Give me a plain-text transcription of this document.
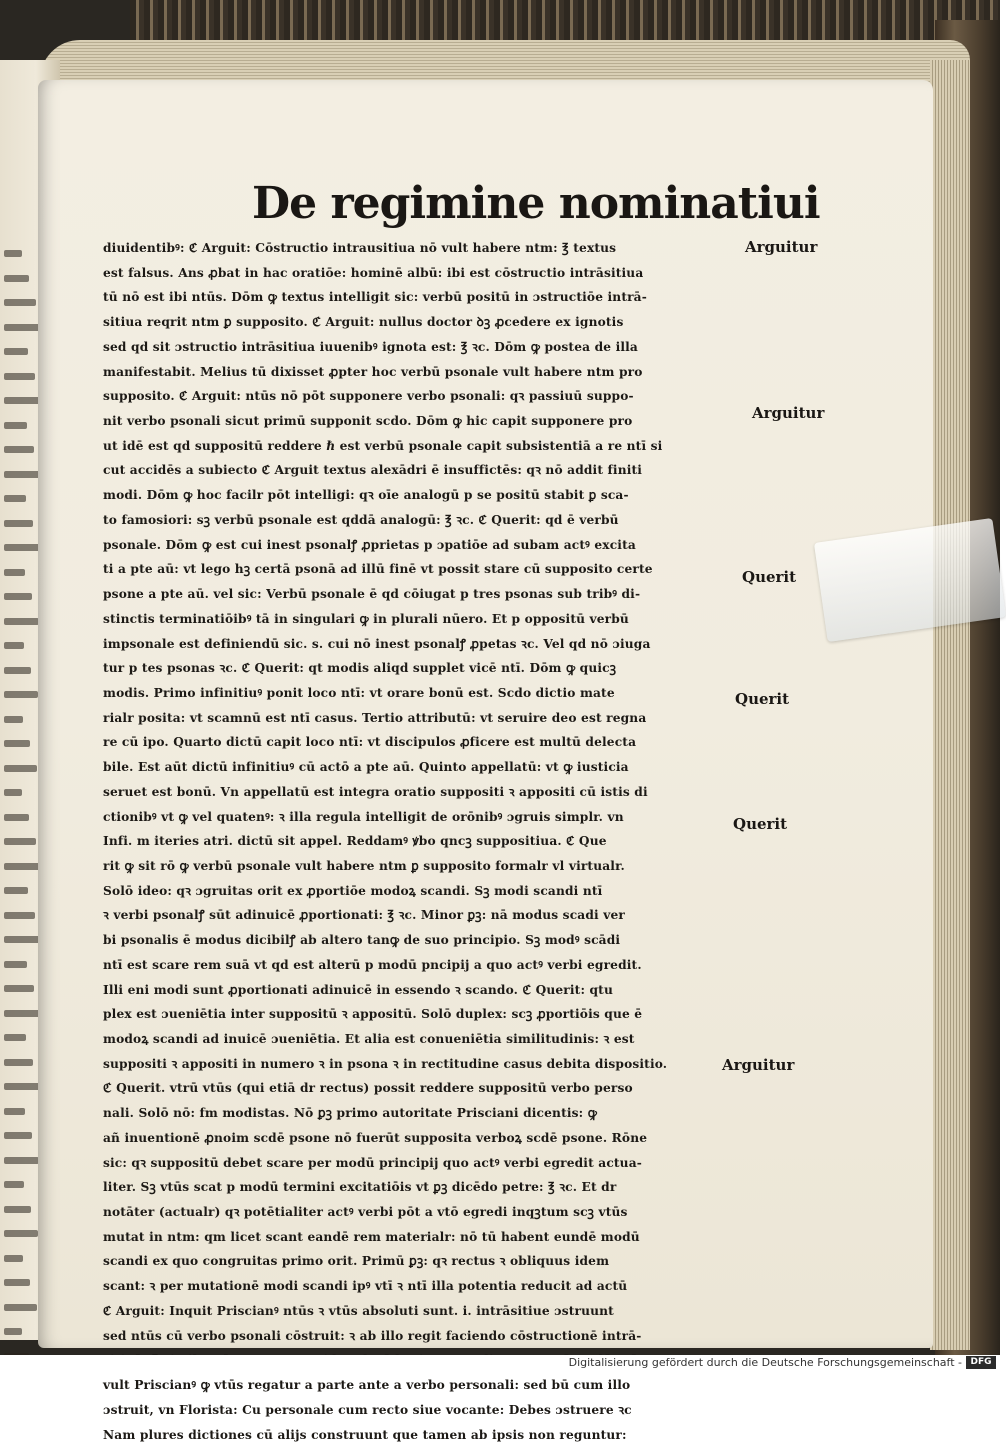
De regimine nominatiui
diuidentibꝰ: ℭ Arguit: Cōstructio intrausitiua nō vult habere ntm: ℥ textus
est falsus. Ans ꝓbat in hac oratiōe: hominē albū: ibi est cōstructio intrāsitiua
tū nō est ibi ntūs. Dōm ꝙ textus intelligit sic: verbū positū in ɔstructiōe intrā-
sitiua reqrit ntm ꝑ supposito. ℭ Arguit: nullus doctor ꝺꝫ ꝓcedere ex ignotis
sed qd sit ɔstructio intrāsitiua iuuenibꝰ ignota est: ℥ ꝛc. Dōm ꝙ postea de illa
manifestabit. Melius tū dixisset ꝓpter hoc verbū psonale vult habere ntm pro
supposito. ℭ Arguit: ntūs nō pōt supponere verbo psonali: qꝛ passiuū suppo-
nit verbo psonali sicut primū supponit scdo. Dōm ꝙ hic capit supponere pro
ut idē est qd suppositū reddere ℏ est verbū psonale capit subsistentiā a re ntī si
cut accidēs a subiecto ℭ Arguit textus alexādri ē insuffictēs: qꝛ nō addit finiti
modi. Dōm ꝙ hoc facilr pōt intelligi: qꝛ oīe analogū p se positū stabit ꝑ sca-
to famosiori: sꝫ verbū psonale est qddā analogū: ℥ ꝛc. ℭ Querit: qd ē verbū
psonale. Dōm ꝙ est cui inest psonalꝭ ꝓprietas p ɔpatiōe ad subam actꝰ excita
ti a pte aū: vt lego hꝫ certā psonā ad illū finē vt possit stare cū supposito certe
psone a pte aū. vel sic: Verbū psonale ē qd cōiugat p tres psonas sub tribꝰ di-
stinctis terminatiōibꝰ tā in singulari ꝙ in plurali nūero. Et p oppositū verbū
impsonale est definiendū sic. s. cui nō inest psonalꝭ ꝓpetas ꝛc. Vel qd nō ɔiuga
tur p tes psonas ꝛc. ℭ Querit: qt modis aliqd supplet vicē ntī. Dōm ꝙ quicꝫ
modis. Primo infinitiuꝰ ponit loco ntī: vt orare bonū est. Scdo dictio mate
rialr posita: vt scamnū est ntī casus. Tertio attributū: vt seruire deo est regna
re cū ipo. Quarto dictū capit loco ntī: vt discipulos ꝓficere est multū delecta
bile. Est aūt dictū infinitiuꝰ cū actō a pte aū. Quinto appellatū: vt ꝙ iusticia
seruet est bonū. Vn appellatū est integra oratio suppositi ꝛ appositi cū istis di
ctionibꝰ vt ꝙ vel quatenꝰ: ꝛ illa regula intelligit de orōnibꝰ ɔgruis simplr. vn
Infi. m iteries atri. dictū sit appel. Reddamꝰ ꝟbo qncꝫ suppositiua. ℭ Que
rit ꝙ sit rō ꝙ verbū psonale vult habere ntm ꝑ supposito formalr vl virtualr.
Solō ideo: qꝛ ɔgruitas orit ex ꝓportiōe modoꝝ scandi. Sꝫ modi scandi ntī
ꝛ verbi psonalꝭ sūt adinuicē ꝓportionati: ℥ ꝛc. Minor ꝑꝫ: nā modus scadi ver
bi psonalis ē modus dicibilꝭ ab altero tanꝙ de suo principio. Sꝫ modꝰ scādi
ntī est scare rem suā vt qd est alterū p modū pncipij a quo actꝰ verbi egredit.
Illi eni modi sunt ꝓportionati adinuicē in essendo ꝛ scando. ℭ Querit: qtu
plex est ɔueniētia inter suppositū ꝛ appositū. Solō duplex: scꝫ ꝓportiōis que ē
modoꝝ scandi ad inuicē ɔueniētia. Et alia est conueniētia similitudinis: ꝛ est
suppositi ꝛ appositi in numero ꝛ in psona ꝛ in rectitudine casus debita dispositio.
ℭ Querit. vtrū vtūs (qui etiā dr rectus) possit reddere suppositū verbo perso
nali. Solō nō: fm modistas. Nō ꝑꝫ primo autoritate Prisciani dicentis: ꝙ
añ inuentionē ꝓnoim scdē psone nō fuerūt supposita verboꝝ scdē psone. Rōne
sic: qꝛ suppositū debet scare per modū principij quo actꝰ verbi egredit actua-
liter. Sꝫ vtūs scat p modū termini excitatiōis vt ꝑꝫ dicēdo petre: ℥ ꝛc. Et dr
notāter (actualr) qꝛ potētialiter actꝰ verbi pōt a vtō egredi inqꝫtum scꝫ vtūs
mutat in ntm: qm licet scant eandē rem materialr: nō tū habent eundē modū
scandi ex quo congruitas primo orit. Primū ꝑꝫ: qꝛ rectus ꝛ obliquus idem
scant: ꝛ per mutationē modi scandi ipꝰ vtī ꝛ ntī illa potentia reducit ad actū
ℭ Arguit: Inquit Priscianꝰ ntūs ꝛ vtūs absoluti sunt. i. intrāsitiue ɔstruunt
sed ntūs cū verbo psonali cōstruit: ꝛ ab illo regit faciendo cōstructionē intrā-
vult Priscianꝰ ꝙ vtūs regatur a parte ante a verbo personali: sed bū cum illo
ɔstruit, vn Florista: Cu personale cum recto siue vocante: Debes ɔstruere ꝛc
Nam plures dictiones cū alijs construunt que tamen ab ipsis non reguntur:
Arguitur
Arguitur
Querit
Querit
Querit
Arguitur
Digitalisierung gefördert durch die Deutsche Forschungsgemeinschaft - DFG
